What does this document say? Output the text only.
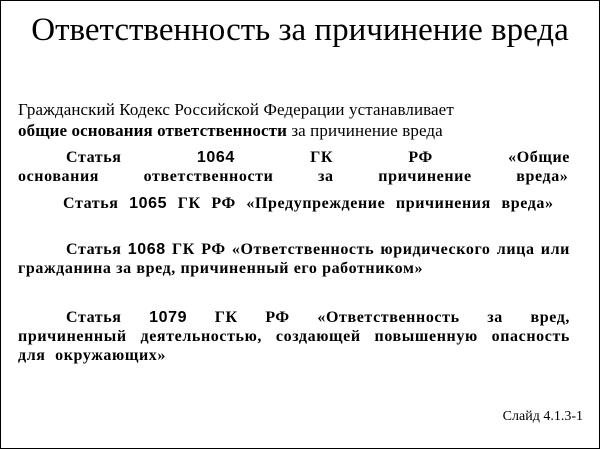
Ответственность за причинение вреда
Гражданский Кодекс Российской Федерации устанавливает
общие основания ответственности за причинение вреда
Статья 1064 ГК РФ «Общие основания ответственности за причинение вреда»
Статья 1065 ГК РФ «Предупреждение причинения вреда»
Статья 1068 ГК РФ «Ответственность юридического лица или гражданина за вред, причиненный его работником»
Статья 1079 ГК РФ «Ответственность за вред, причиненный деятельностью, создающей повышенную опасность для окружающих»
Слайд 4.1.3-1
